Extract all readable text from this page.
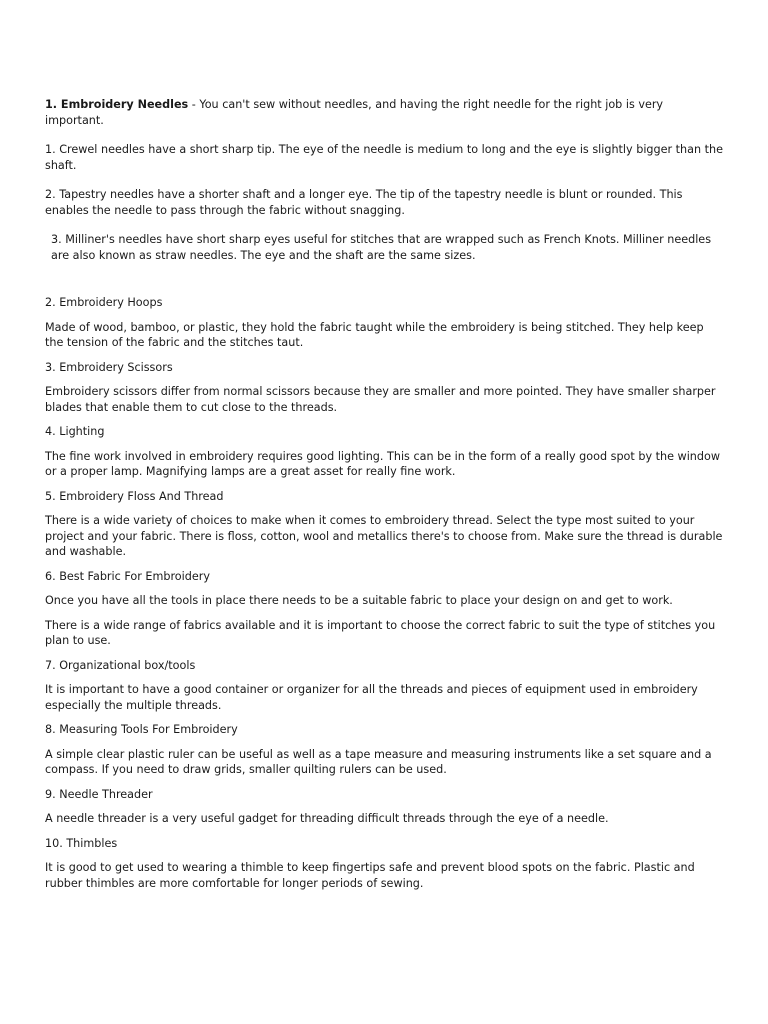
1. Embroidery Needles - You can't sew without needles, and having the right needle for the right job is very important.

1. Crewel needles have a short sharp tip. The eye of the needle is medium to long and the eye is slightly bigger than the shaft.

2. Tapestry needles have a shorter shaft and a longer eye. The tip of the tapestry needle is blunt or rounded. This enables the needle to pass through the fabric without snagging.

3. Milliner's needles have short sharp eyes useful for stitches that are wrapped such as French Knots. Milliner needles are also known as straw needles. The eye and the shaft are the same sizes.

2. Embroidery Hoops

Made of wood, bamboo, or plastic, they hold the fabric taught while the embroidery is being stitched. They help keep the tension of the fabric and the stitches taut.

3. Embroidery Scissors

Embroidery scissors differ from normal scissors because they are smaller and more pointed. They have smaller sharper blades that enable them to cut close to the threads.

4. Lighting

The fine work involved in embroidery requires good lighting. This can be in the form of a really good spot by the window or a proper lamp. Magnifying lamps are a great asset for really fine work.

5. Embroidery Floss And Thread

There is a wide variety of choices to make when it comes to embroidery thread. Select the type most suited to your project and your fabric. There is floss, cotton, wool and metallics there's to choose from. Make sure the thread is durable and washable.

6. Best Fabric For Embroidery

Once you have all the tools in place there needs to be a suitable fabric to place your design on and get to work.

There is a wide range of fabrics available and it is important to choose the correct fabric to suit the type of stitches you plan to use.

7. Organizational box/tools

It is important to have a good container or organizer for all the threads and pieces of equipment used in embroidery especially the multiple threads.

8. Measuring Tools For Embroidery

A simple clear plastic ruler can be useful as well as a tape measure and measuring instruments like a set square and a compass. If you need to draw grids, smaller quilting rulers can be used.

9. Needle Threader

A needle threader is a very useful gadget for threading difficult threads through the eye of a needle.

10. Thimbles

It is good to get used to wearing a thimble to keep fingertips safe and prevent blood spots on the fabric. Plastic and rubber thimbles are more comfortable for longer periods of sewing.
